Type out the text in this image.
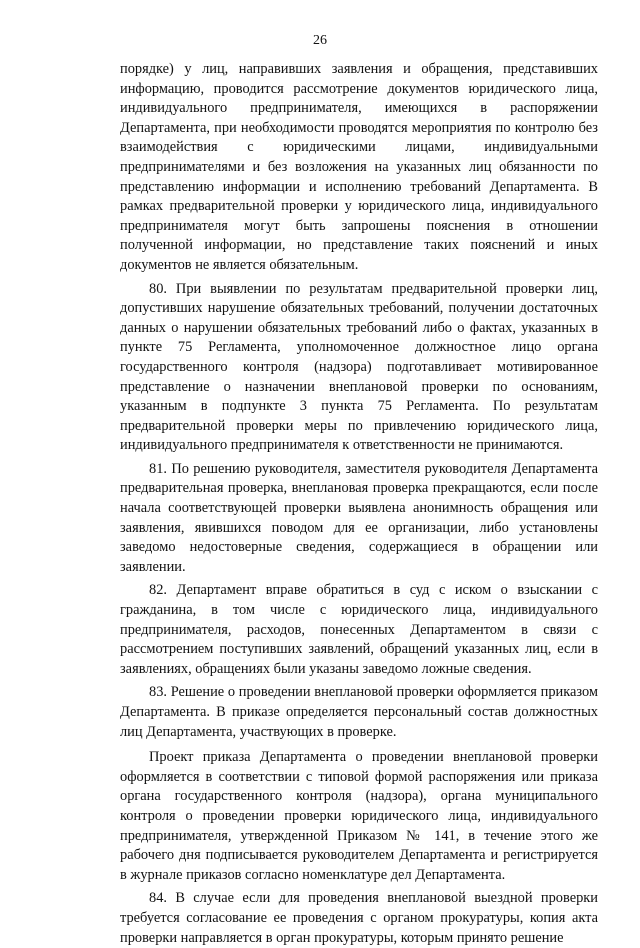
26

порядке) у лиц, направивших заявления и обращения, представивших информацию, проводится рассмотрение документов юридического лица, индивидуального предпринимателя, имеющихся в распоряжении Департамента, при необходимости проводятся мероприятия по контролю без взаимодействия с юридическими лицами, индивидуальными предпринимателями и без возложения на указанных лиц обязанности по представлению информации и исполнению требований Департамента. В рамках предварительной проверки у юридического лица, индивидуального предпринимателя могут быть запрошены пояснения в отношении полученной информации, но представление таких пояснений и иных документов не является обязательным.

80. При выявлении по результатам предварительной проверки лиц, допустивших нарушение обязательных требований, получении достаточных данных о нарушении обязательных требований либо о фактах, указанных в пункте 75 Регламента, уполномоченное должностное лицо органа государственного контроля (надзора) подготавливает мотивированное представление о назначении внеплановой проверки по основаниям, указанным в подпункте 3 пункта 75 Регламента. По результатам предварительной проверки меры по привлечению юридического лица, индивидуального предпринимателя к ответственности не принимаются.

81. По решению руководителя, заместителя руководителя Департамента предварительная проверка, внеплановая проверка прекращаются, если после начала соответствующей проверки выявлена анонимность обращения или заявления, явившихся поводом для ее организации, либо установлены заведомо недостоверные сведения, содержащиеся в обращении или заявлении.

82. Департамент вправе обратиться в суд с иском о взыскании с гражданина, в том числе с юридического лица, индивидуального предпринимателя, расходов, понесенных Департаментом в связи с рассмотрением поступивших заявлений, обращений указанных лиц, если в заявлениях, обращениях были указаны заведомо ложные сведения.

83. Решение о проведении внеплановой проверки оформляется приказом Департамента. В приказе определяется персональный состав должностных лиц Департамента, участвующих в проверке.

Проект приказа Департамента о проведении внеплановой проверки оформляется в соответствии с типовой формой распоряжения или приказа органа государственного контроля (надзора), органа муниципального контроля о проведении проверки юридического лица, индивидуального предпринимателя, утвержденной Приказом № 141, в течение этого же рабочего дня подписывается руководителем Департамента и регистрируется в журнале приказов согласно номенклатуре дел Департамента.

84. В случае если для проведения внеплановой выездной проверки требуется согласование ее проведения с органом прокуратуры, копия акта проверки направляется в орган прокуратуры, которым принято решение
